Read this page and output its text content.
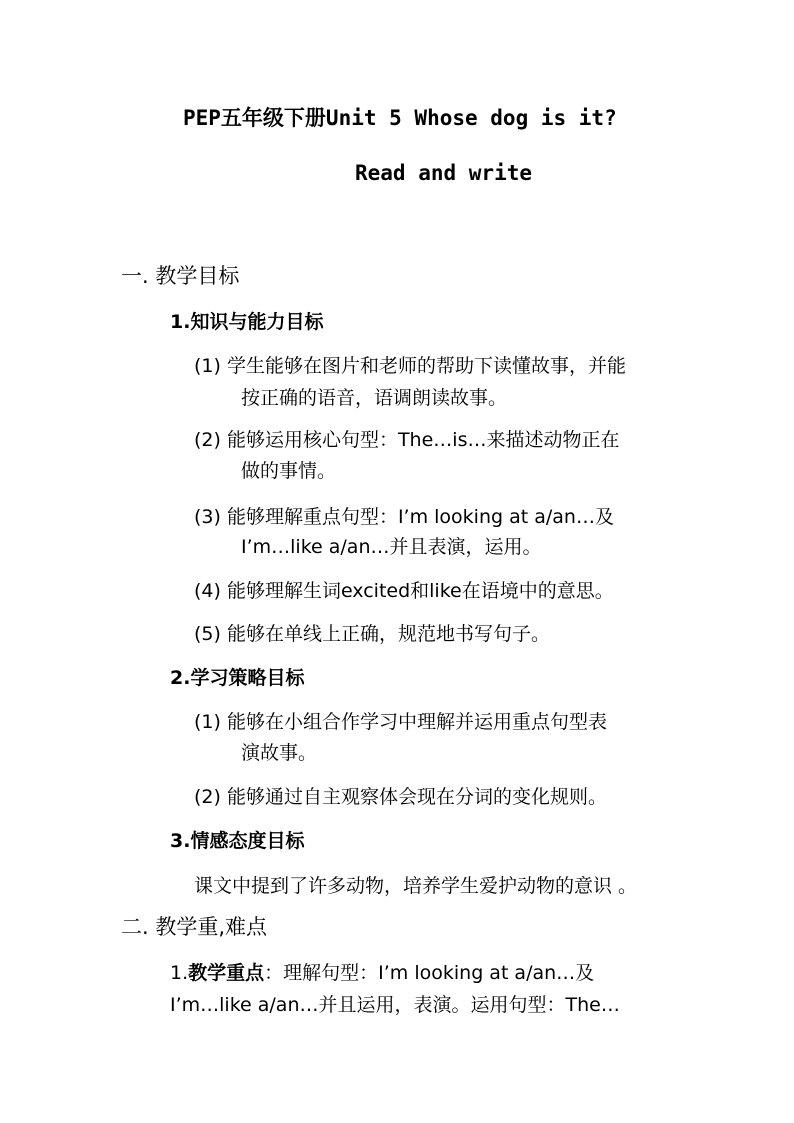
PEP五年级下册Unit 5 Whose dog is it?
Read and write
一. 教学目标
1.知识与能力目标
(1) 学生能够在图片和老师的帮助下读懂故事，并能
按正确的语音，语调朗读故事。
(2) 能够运用核心句型：The…is…来描述动物正在
做的事情。
(3) 能够理解重点句型：I’m looking at a/an…及
I’m…like a/an…并且表演，运用。
(4) 能够理解生词excited和like在语境中的意思。
(5) 能够在单线上正确，规范地书写句子。
2.学习策略目标
(1) 能够在小组合作学习中理解并运用重点句型表
演故事。
(2) 能够通过自主观察体会现在分词的变化规则。
3.情感态度目标
课文中提到了许多动物，培养学生爱护动物的意识 。
二. 教学重,难点
1.教学重点：理解句型：I’m looking at a/an…及
I’m…like a/an…并且运用，表演。运用句型：The…
